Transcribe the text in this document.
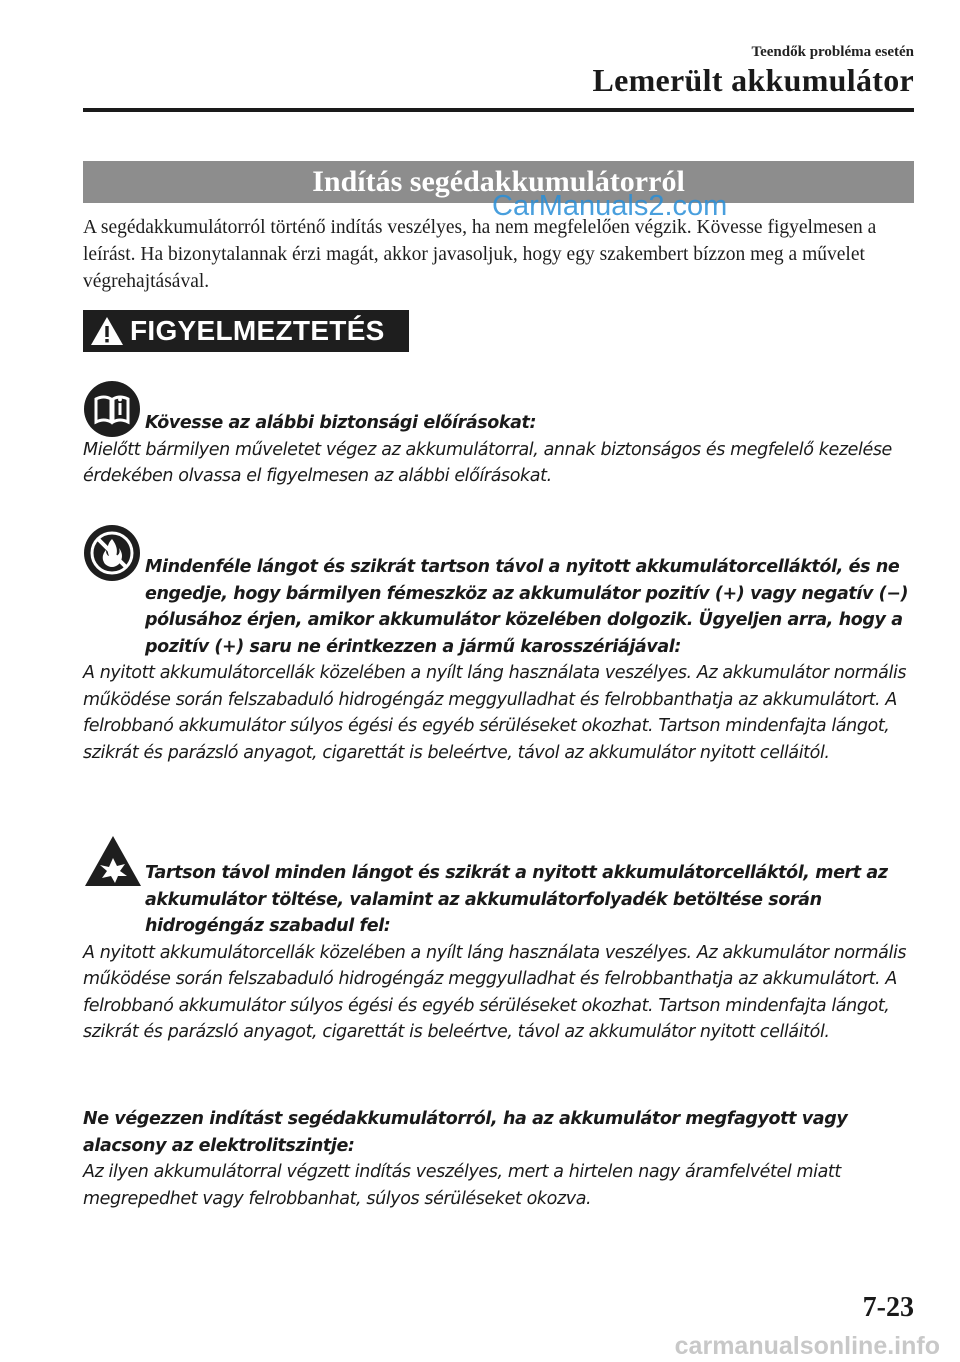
Teendők probléma esetén
Lemerült akkumulátor
Indítás segédakkumulátorról
CarManuals2.com
A segédakkumulátorról történő indítás veszélyes, ha nem megfelelően végzik. Kövesse figyelmesen a leírást. Ha bizonytalannak érzi magát, akkor javasoljuk, hogy egy szakembert bízzon meg a művelet végrehajtásával.
FIGYELMEZTETÉS
Kövesse az alábbi biztonsági előírásokat:
Mielőtt bármilyen műveletet végez az akkumulátorral, annak biztonságos és megfelelő kezelése érdekében olvassa el figyelmesen az alábbi előírásokat.
Mindenféle lángot és szikrát tartson távol a nyitott akkumulátorcelláktól, és ne engedje, hogy bármilyen fémeszköz az akkumulátor pozitív (+) vagy negatív (−) pólusához érjen, amikor akkumulátor közelében dolgozik. Ügyeljen arra, hogy a pozitív (+) saru ne érintkezzen a jármű karosszériájával:
A nyitott akkumulátorcellák közelében a nyílt láng használata veszélyes. Az akkumulátor normális működése során felszabaduló hidrogéngáz meggyulladhat és felrobbanthatja az akkumulátort. A felrobbanó akkumulátor súlyos égési és egyéb sérüléseket okozhat. Tartson mindenfajta lángot, szikrát és parázsló anyagot, cigarettát is beleértve, távol az akkumulátor nyitott celláitól.
Tartson távol minden lángot és szikrát a nyitott akkumulátorcelláktól, mert az akkumulátor töltése, valamint az akkumulátorfolyadék betöltése során hidrogéngáz szabadul fel:
A nyitott akkumulátorcellák közelében a nyílt láng használata veszélyes. Az akkumulátor normális működése során felszabaduló hidrogéngáz meggyulladhat és felrobbanthatja az akkumulátort. A felrobbanó akkumulátor súlyos égési és egyéb sérüléseket okozhat. Tartson mindenfajta lángot, szikrát és parázsló anyagot, cigarettát is beleértve, távol az akkumulátor nyitott celláitól.
Ne végezzen indítást segédakkumulátorról, ha az akkumulátor megfagyott vagy alacsony az elektrolitszintje:
Az ilyen akkumulátorral végzett indítás veszélyes, mert a hirtelen nagy áramfelvétel miatt megrepedhet vagy felrobbanhat, súlyos sérüléseket okozva.
7-23
carmanualsonline.info
